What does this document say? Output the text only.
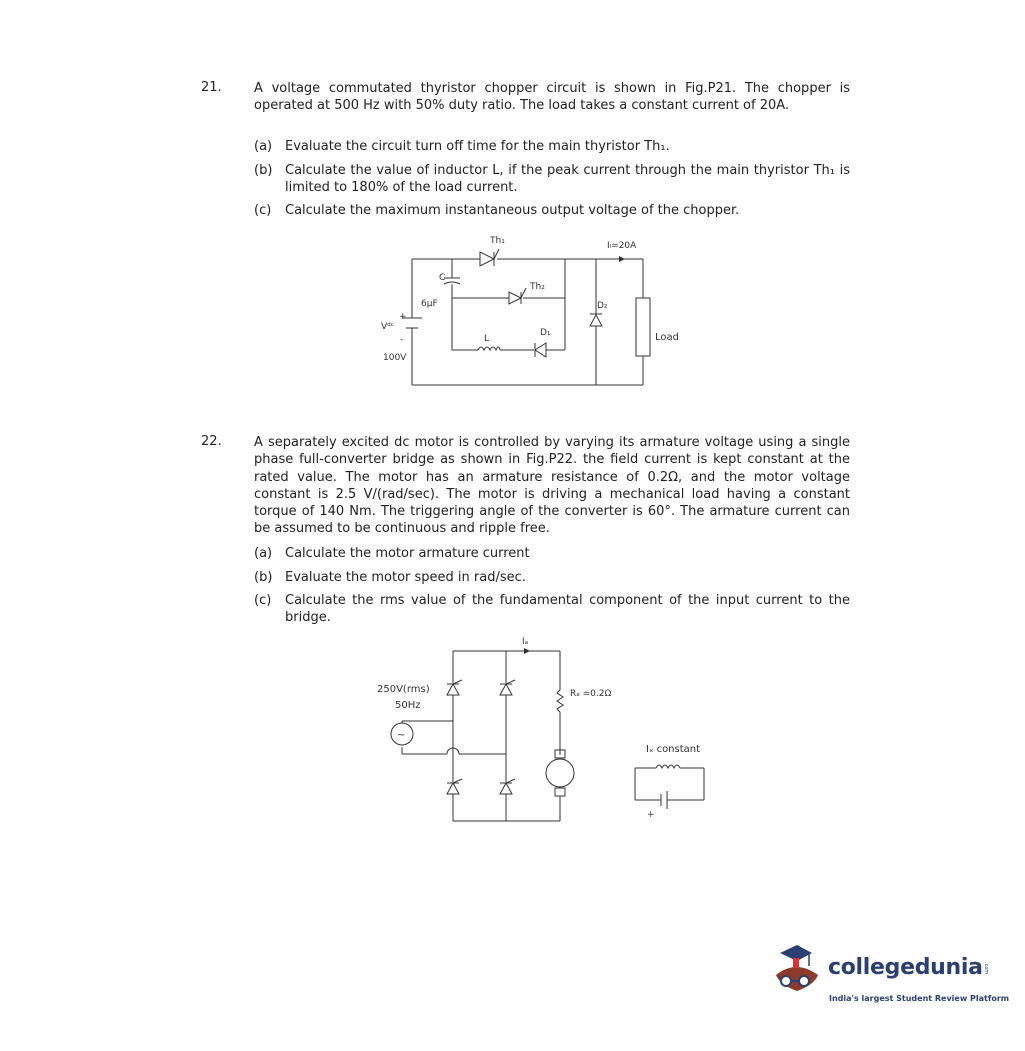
21. A voltage commutated thyristor chopper circuit is shown in Fig.P21. The chopper is operated at 500 Hz with 50% duty ratio. The load takes a constant current of 20A.
(a) Evaluate the circuit turn off time for the main thyristor Th₁.
(b) Calculate the value of inductor L, if the peak current through the main thyristor Th₁ is limited to 180% of the load current.
(c) Calculate the maximum instantaneous output voltage of the chopper.
Th₁	Iₗ=20A
Th₂
C
6μF	D₂
D₁
+
Vᵈᶜ
-	L	Load
100V
22. A separately excited dc motor is controlled by varying its armature voltage using a single phase full-converter bridge as shown in Fig.P22. the field current is kept constant at the rated value. The motor has an armature resistance of 0.2Ω, and the motor voltage constant is 2.5 V/(rad/sec). The motor is driving a mechanical load having a constant torque of 140 Nm. The triggering angle of the converter is 60°. The armature current can be assumed to be continuous and ripple free.
(a) Calculate the motor armature current
(b) Evaluate the motor speed in rad/sec.
(c) Calculate the rms value of the fundamental component of the input current to the bridge.
~
250V(rms)
50Hz
Iₐ
Rₐ =0.2Ω
Iₓ constant
+
collegedunia .com
India's largest Student Review Platform
